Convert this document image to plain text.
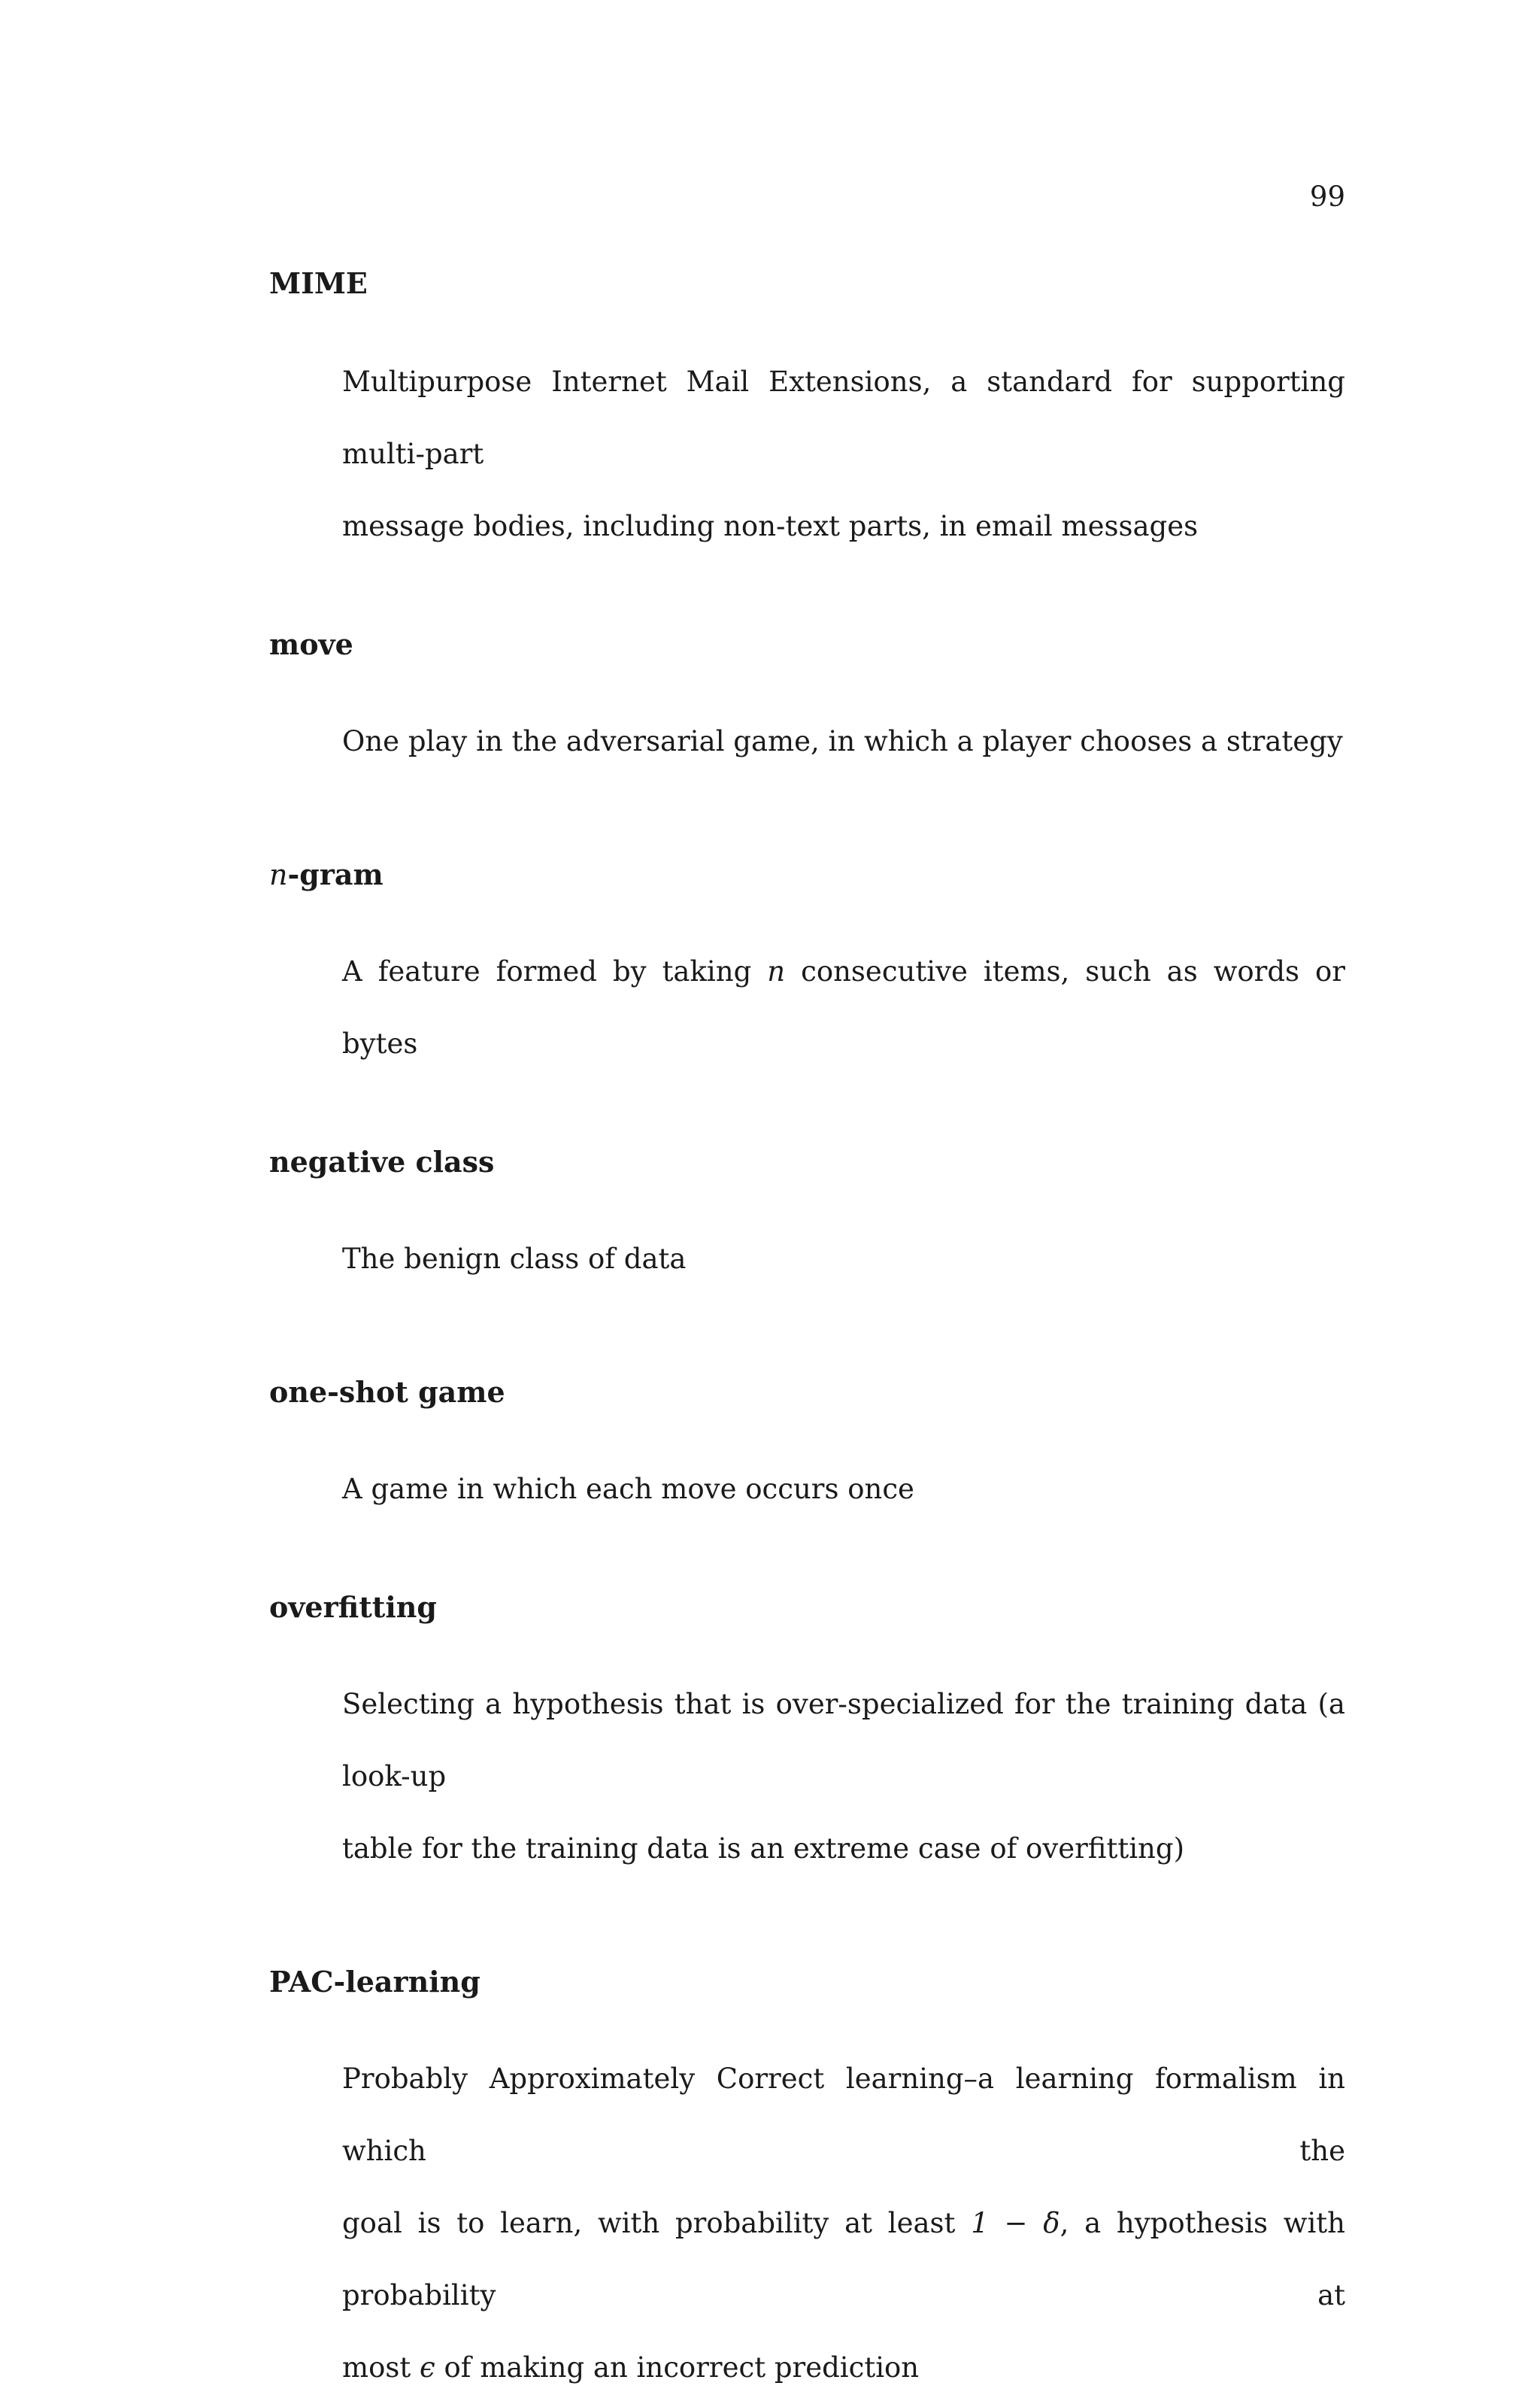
99

MIME

Multipurpose Internet Mail Extensions, a standard for supporting multi-part
message bodies, including non-text parts, in email messages

move

One play in the adversarial game, in which a player chooses a strategy

n-gram

A feature formed by taking n consecutive items, such as words or bytes

negative class

The benign class of data

one-shot game

A game in which each move occurs once

overfitting

Selecting a hypothesis that is over-specialized for the training data (a look-up
table for the training data is an extreme case of overfitting)

PAC-learning

Probably Approximately Correct learning–a learning formalism in which the
goal is to learn, with probability at least 1 − δ, a hypothesis with probability at
most ϵ of making an incorrect prediction
